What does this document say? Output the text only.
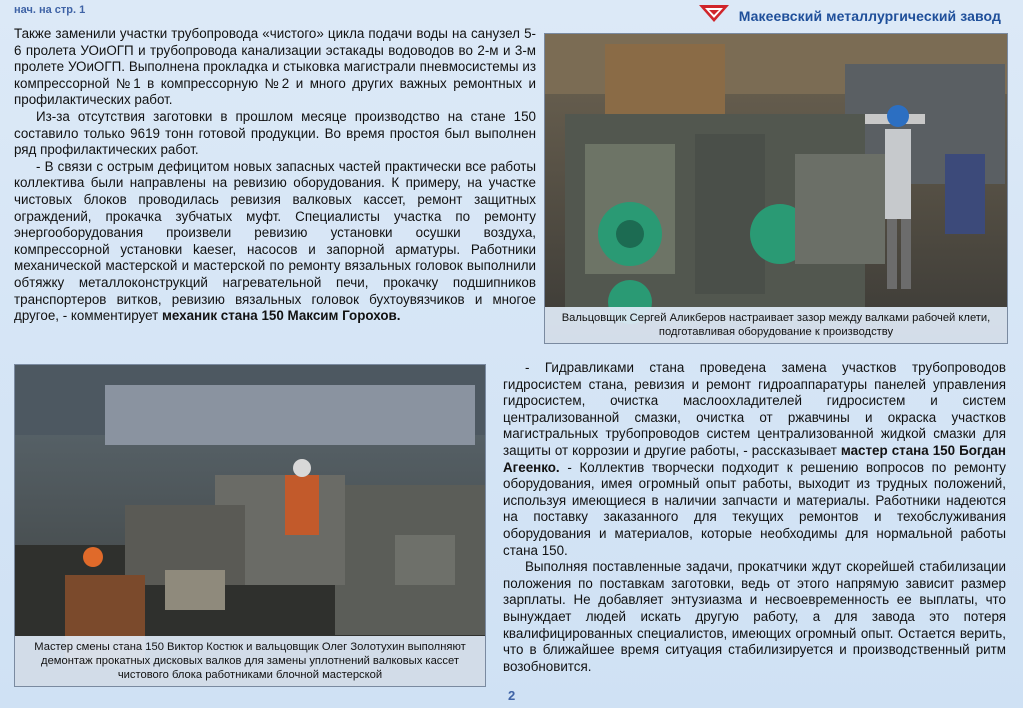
нач. на стр. 1	Макеевский металлургический завод

Также заменили участки трубопровода «чистого» цикла подачи воды на санузел 5-6 пролета УОиОГП и трубопровода канализации эстакады водоводов во 2-м и 3-м пролете УОиОГП. Выполнена прокладка и стыковка магистрали пневмосистемы из компрессорной №1 в компрессорную №2 и много других важных ремонтных и профилактических работ.

Из-за отсутствия заготовки в прошлом месяце производство на стане 150 составило только 9619 тонн готовой продукции. Во время простоя был выполнен ряд профилактических работ.

- В связи с острым дефицитом новых запасных частей практически все работы коллектива были направлены на ревизию оборудования. К примеру, на участке чистовых блоков проводилась ревизия валковых кассет, ремонт защитных ограждений, прокачка зубчатых муфт. Специалисты участка по ремонту энергооборудования произвели ревизию установки осушки воздуха, компрессорной установки kaeser, насосов и запорной арматуры. Работники механической мастерской и мастерской по ремонту вязальных головок выполнили обтяжку металлоконструкций нагревательной печи, прокачку подшипников транспортеров витков, ревизию вязальных головок бухтоувязчиков и многое другое, - комментирует механик стана 150 Максим Горохов.	Вальцовщик Сергей Аликберов настраивает зазор между валками рабочей клети, подготавливая оборудование к производству
Мастер смены стана 150 Виктор Костюк и вальцовщик Олег Золотухин выполняют демонтаж прокатных дисковых валков для замены уплотнений валковых кассет чистового блока работниками блочной мастерской

- Гидравликами стана проведена замена участков трубопроводов гидросистем стана, ревизия и ремонт гидроаппаратуры панелей управления гидросистем, очистка маслоохладителей гидросистем и систем централизованной смазки, очистка от ржавчины и окраска участков магистральных трубопроводов систем централизованной жидкой смазки для защиты от коррозии и другие работы, - рассказывает мастер стана 150 Богдан Агеенко. - Коллектив творчески подходит к решению вопросов по ремонту оборудования, имея огромный опыт работы, выходит из трудных положений, используя имеющиеся в наличии запчасти и материалы. Работники надеются на поставку заказанного для текущих ремонтов и техобслуживания оборудования и материалов, которые необходимы для нормальной работы стана 150.

Выполняя поставленные задачи, прокатчики ждут скорейшей стабилизации положения по поставкам заготовки, ведь от этого напрямую зависит размер зарплаты. Не добавляет энтузиазма и несвоевременность ее выплаты, что вынуждает людей искать другую работу, а для завода это потеря квалифицированных специалистов, имеющих огромный опыт. Остается верить, что в ближайшее время ситуация стабилизируется и производственный ритм возобновится.

2
